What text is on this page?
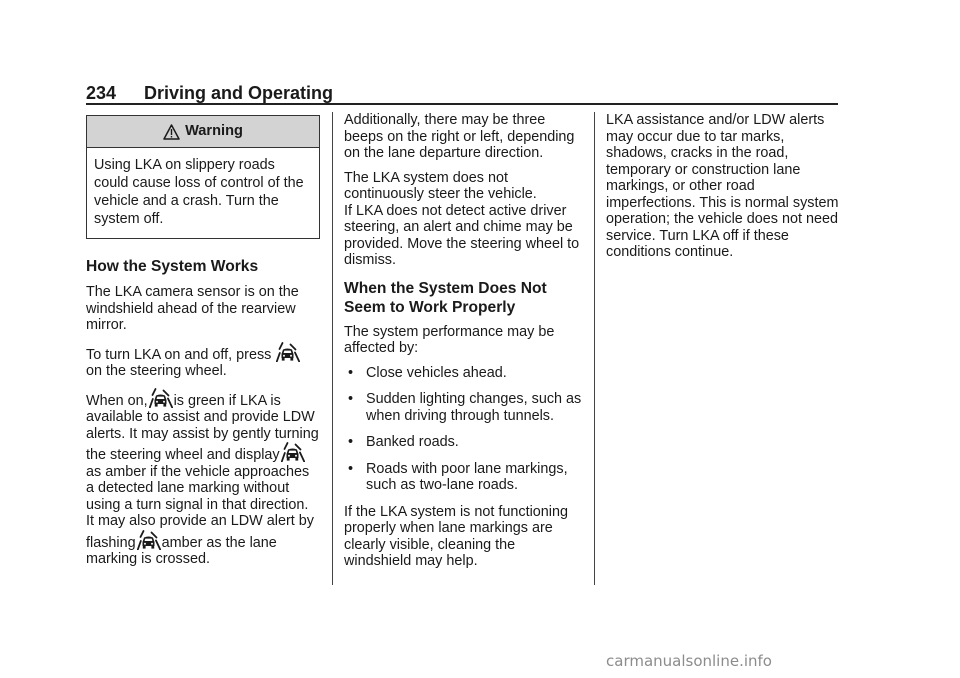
234 Driving and Operating
Warning
Using LKA on slippery roads could cause loss of control of the vehicle and a crash. Turn the system off.
How the System Works

The LKA camera sensor is on the windshield ahead of the rearview mirror.

To turn LKA on and off, press  on the steering wheel.

When on, is green if LKA is available to assist and provide LDW alerts. It may assist by gently turning the steering wheel and displayas amber if the vehicle approaches a detected lane marking without using a turn signal in that direction. It may also provide an LDW alert by flashing amber as the lane marking is crossed.

Additionally, there may be three beeps on the right or left, depending on the lane departure direction.

The LKA system does not continuously steer the vehicle.
If LKA does not detect active driver steering, an alert and chime may be provided. Move the steering wheel to dismiss.

When the System Does Not Seem to Work Properly

The system performance may be affected by:

• Close vehicles ahead.
• Sudden lighting changes, such as when driving through tunnels.
• Banked roads.
• Roads with poor lane markings, such as two-lane roads.

If the LKA system is not functioning properly when lane markings are clearly visible, cleaning the windshield may help.

LKA assistance and/or LDW alerts may occur due to tar marks, shadows, cracks in the road, temporary or construction lane markings, or other road imperfections. This is normal system operation; the vehicle does not need service. Turn LKA off if these conditions continue.

carmanualsonline.info
